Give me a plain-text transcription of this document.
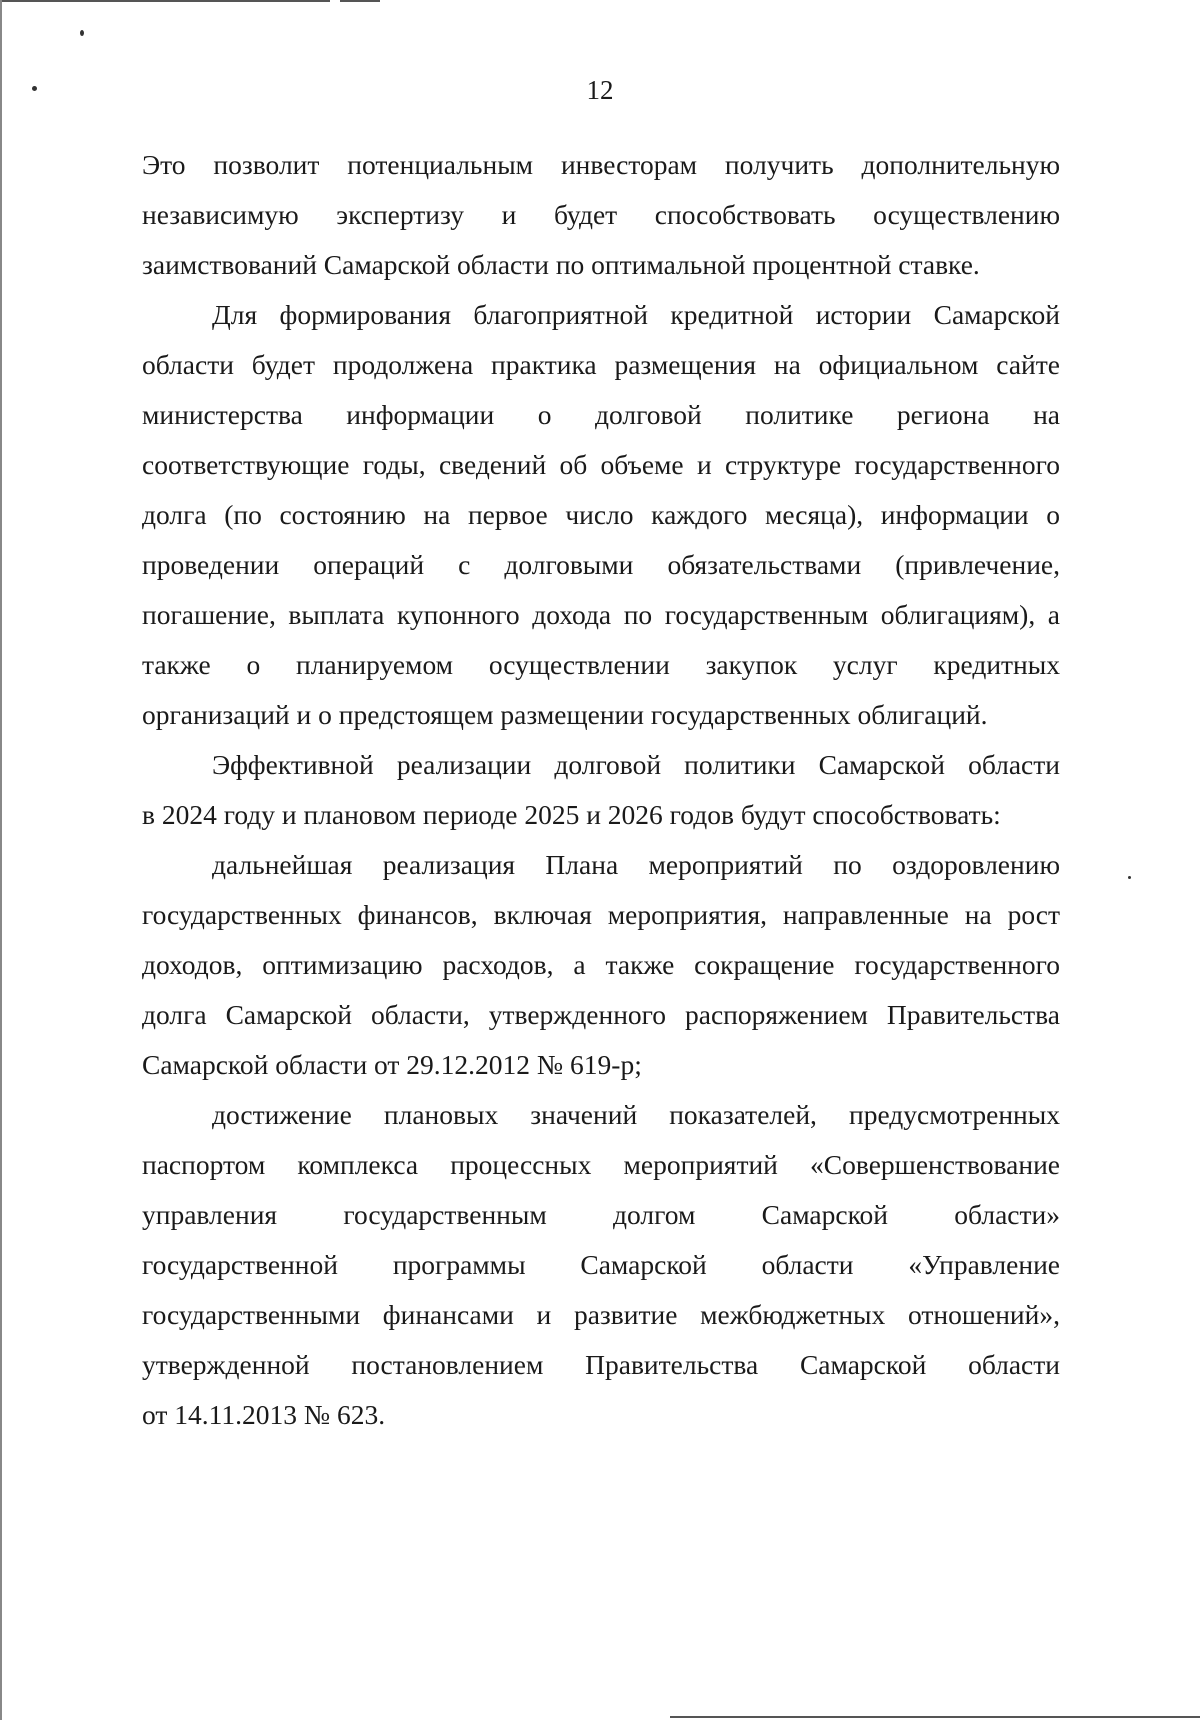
12
Это позволит потенциальным инвесторам получить дополнительную
независимую экспертизу и будет способствовать осуществлению
заимствований Самарской области по оптимальной процентной ставке.
Для формирования благоприятной кредитной истории Самарской
области будет продолжена практика размещения на официальном сайте
министерства информации о долговой политике региона на
соответствующие годы, сведений об объеме и структуре государственного
долга (по состоянию на первое число каждого месяца), информации о
проведении операций с долговыми обязательствами (привлечение,
погашение, выплата купонного дохода по государственным облигациям), а
также о планируемом осуществлении закупок услуг кредитных
организаций и о предстоящем размещении государственных облигаций.
Эффективной реализации долговой политики Самарской области
в 2024 году и плановом периоде 2025 и 2026 годов будут способствовать:
дальнейшая реализация Плана мероприятий по оздоровлению
государственных финансов, включая мероприятия, направленные на рост
доходов, оптимизацию расходов, а также сокращение государственного
долга Самарской области, утвержденного распоряжением Правительства
Самарской области от 29.12.2012 № 619-р;
достижение плановых значений показателей, предусмотренных
паспортом комплекса процессных мероприятий «Совершенствование
управления государственным долгом Самарской области»
государственной программы Самарской области «Управление
государственными финансами и развитие межбюджетных отношений»,
утвержденной постановлением Правительства Самарской области
от 14.11.2013 № 623.
